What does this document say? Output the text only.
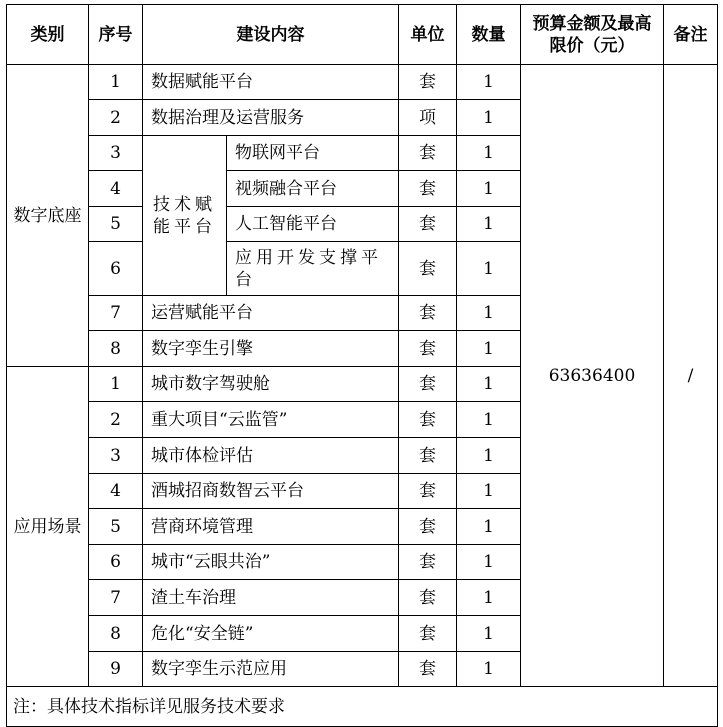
类别	序号	建设内容		单位	数量	预算金额及最高限价（元）	备注
数字底座	1	数据赋能平台		套	1	63636400	/
	2	数据治理及运营服务		项	1		
	3	技术赋能平台	物联网平台	套	1		
	4		视频融合平台	套	1		
	5		人工智能平台	套	1		
	6		应用开发支撑平台	套	1		
	7	运营赋能平台		套	1		
	8	数字孪生引擎		套	1		
应用场景	1	城市数字驾驶舱		套	1		
	2	重大项目“云监管”		套	1		
	3	城市体检评估		套	1		
	4	酒城招商数智云平台		套	1		
	5	营商环境管理		套	1		
	6	城市“云眼共治”		套	1		
	7	渣土车治理		套	1		
	8	危化“安全链”		套	1		
	9	数字孪生示范应用		套	1		
注：具体技术指标详见服务技术要求							
